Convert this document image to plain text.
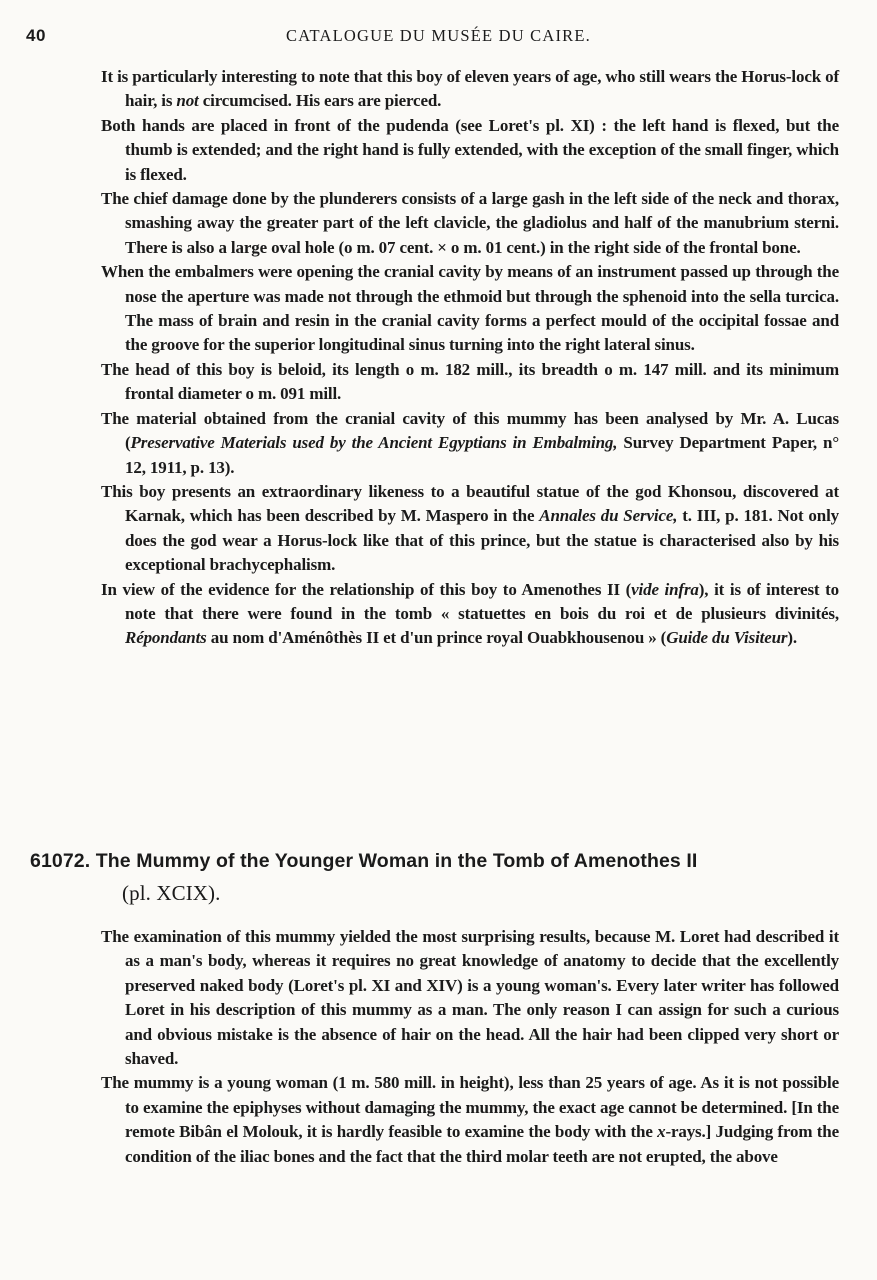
40	CATALOGUE DU MUSÉE DU CAIRE.

It is particularly interesting to note that this boy of eleven years of age, who still wears the Horus-lock of hair, is not circumcised. His ears are pierced.

Both hands are placed in front of the pudenda (see Loret's pl. XI) : the left hand is flexed, but the thumb is extended; and the right hand is fully extended, with the exception of the small finger, which is flexed.

The chief damage done by the plunderers consists of a large gash in the left side of the neck and thorax, smashing away the greater part of the left clavicle, the gladiolus and half of the manubrium sterni. There is also a large oval hole (o m. 07 cent. × o m. 01 cent.) in the right side of the frontal bone.

When the embalmers were opening the cranial cavity by means of an instrument passed up through the nose the aperture was made not through the ethmoid but through the sphenoid into the sella turcica. The mass of brain and resin in the cranial cavity forms a perfect mould of the occipital fossae and the groove for the superior longitudinal sinus turning into the right lateral sinus.

The head of this boy is beloid, its length o m. 182 mill., its breadth o m. 147 mill. and its minimum frontal diameter o m. 091 mill.

The material obtained from the cranial cavity of this mummy has been analysed by Mr. A. Lucas (Preservative Materials used by the Ancient Egyptians in Embalming, Survey Department Paper, n° 12, 1911, p. 13).

This boy presents an extraordinary likeness to a beautiful statue of the god Khonsou, discovered at Karnak, which has been described by M. Maspero in the Annales du Service, t. III, p. 181. Not only does the god wear a Horus-lock like that of this prince, but the statue is characterised also by his exceptional brachycephalism.

In view of the evidence for the relationship of this boy to Amenothes II (vide infra), it is of interest to note that there were found in the tomb « statuettes en bois du roi et de plusieurs divinités, Répondants au nom d'Aménôthès II et d'un prince royal Ouabkhousenou » (Guide du Visiteur).

61072. The Mummy of the Younger Woman in the Tomb of Amenothes II
(pl. XCIX).

The examination of this mummy yielded the most surprising results, because M. Loret had described it as a man's body, whereas it requires no great knowledge of anatomy to decide that the excellently preserved naked body (Loret's pl. XI and XIV) is a young woman's. Every later writer has followed Loret in his description of this mummy as a man. The only reason I can assign for such a curious and obvious mistake is the absence of hair on the head. All the hair had been clipped very short or shaved.

The mummy is a young woman (1 m. 580 mill. in height), less than 25 years of age. As it is not possible to examine the epiphyses without damaging the mummy, the exact age cannot be determined. [In the remote Bibân el Molouk, it is hardly feasible to examine the body with the x-rays.] Judging from the condition of the iliac bones and the fact that the third molar teeth are not erupted, the above
